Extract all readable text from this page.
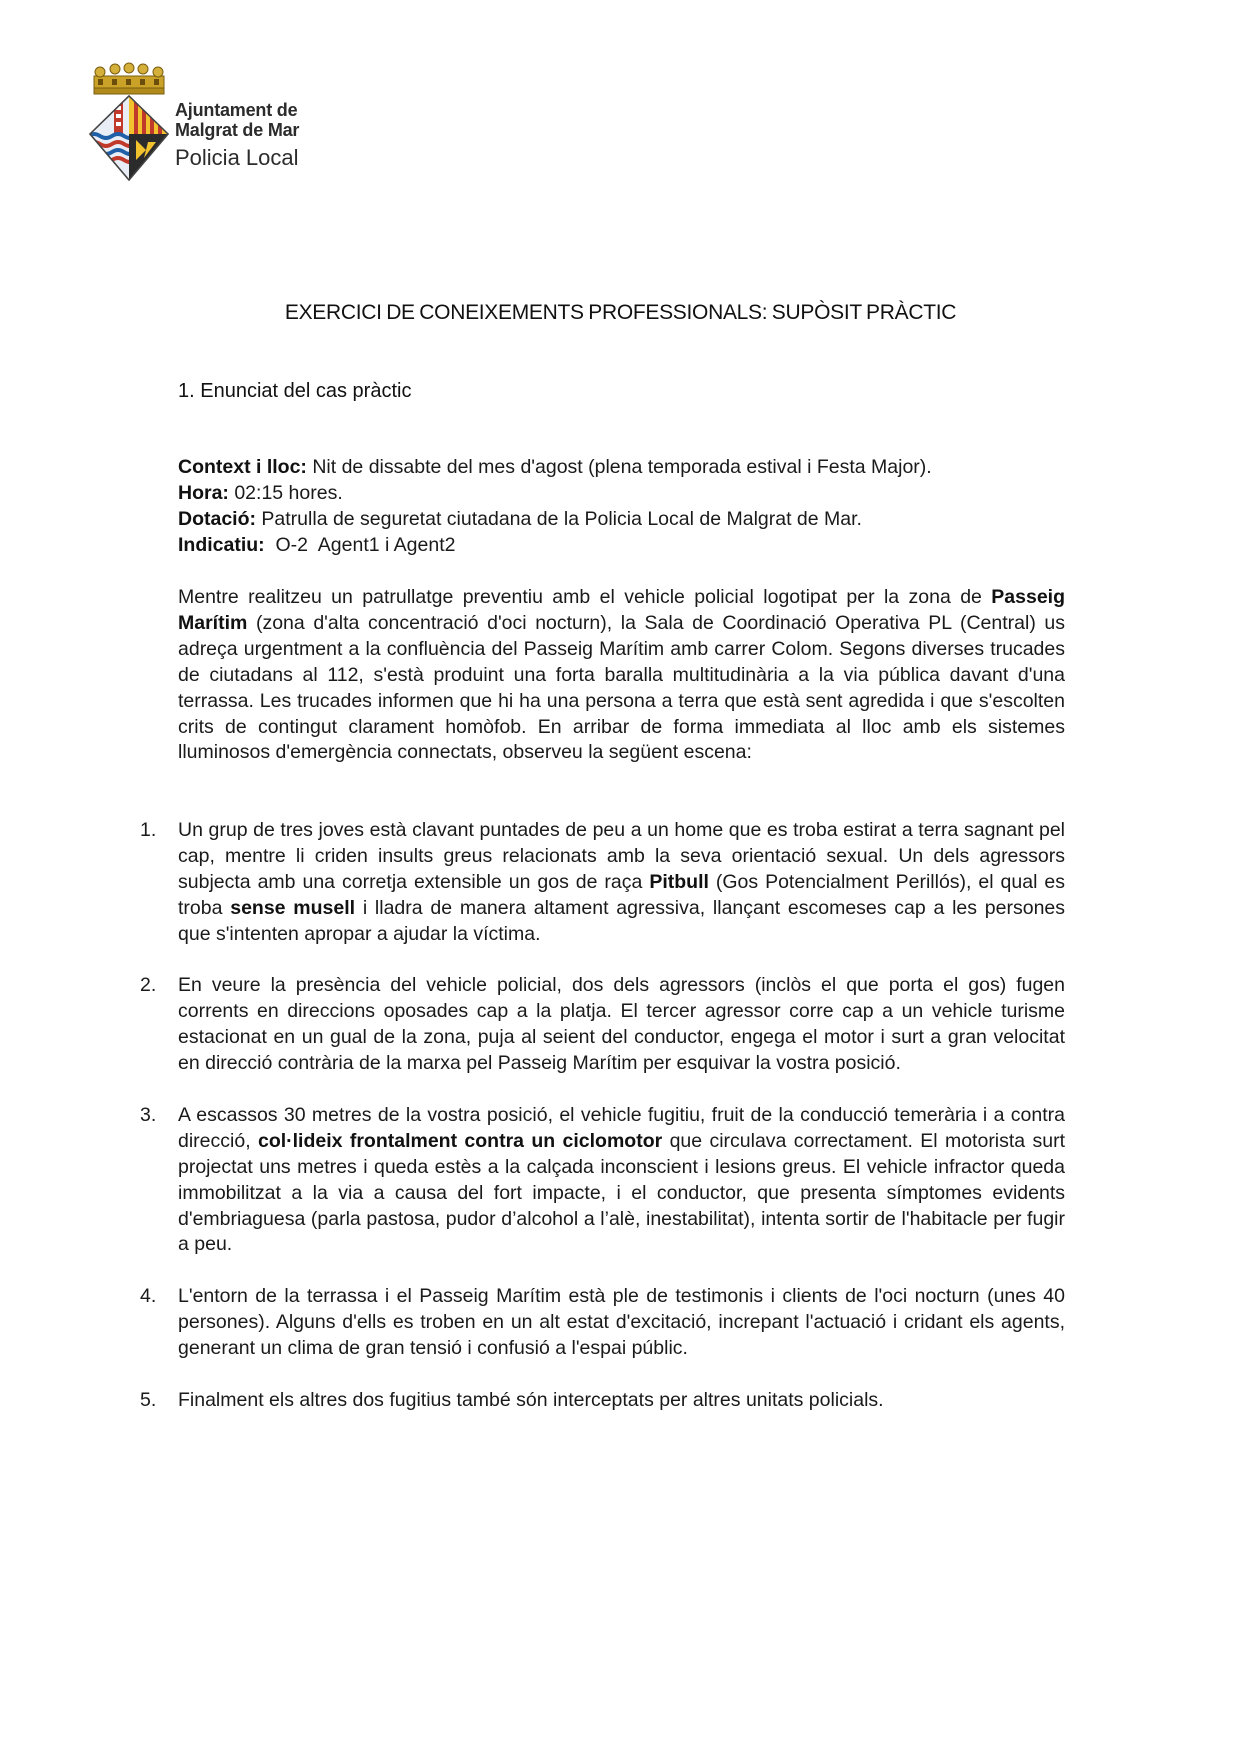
Ajuntament de
Malgrat de Mar
Policia Local
EXERCICI DE CONEIXEMENTS PROFESSIONALS: SUPÒSIT PRÀCTIC
1. Enunciat del cas pràctic
Context i lloc: Nit de dissabte del mes d'agost (plena temporada estival i Festa Major).
Hora: 02:15 hores.
Dotació: Patrulla de seguretat ciutadana de la Policia Local de Malgrat de Mar.
Indicatiu:  O-2  Agent1 i Agent2

Mentre realitzeu un patrullatge preventiu amb el vehicle policial logotipat per la zona de Passeig Marítim (zona d'alta concentració d'oci nocturn), la Sala de Coordinació Operativa PL (Central) us adreça urgentment a la confluència del Passeig Marítim amb carrer Colom. Segons diverses trucades de ciutadans al 112, s'està produint una forta baralla multitudinària a la via pública davant d'una terrassa. Les trucades informen que hi ha una persona a terra que està sent agredida i que s'escolten crits de contingut clarament homòfob. En arribar de forma immediata al lloc amb els sistemes lluminosos d'emergència connectats, observeu la següent escena:

1.	Un grup de tres joves està clavant puntades de peu a un home que es troba estirat a terra sagnant pel cap, mentre li criden insults greus relacionats amb la seva orientació sexual. Un dels agressors subjecta amb una corretja extensible un gos de raça Pitbull (Gos Potencialment Perillós), el qual es troba sense musell i lladra de manera altament agressiva, llançant escomeses cap a les persones que s'intenten apropar a ajudar la víctima.
2.	En veure la presència del vehicle policial, dos dels agressors (inclòs el que porta el gos) fugen corrents en direccions oposades cap a la platja. El tercer agressor corre cap a un vehicle turisme estacionat en un gual de la zona, puja al seient del conductor, engega el motor i surt a gran velocitat en direcció contrària de la marxa pel Passeig Marítim per esquivar la vostra posició.
3.	A escassos 30 metres de la vostra posició, el vehicle fugitiu, fruit de la conducció temerària i a contra direcció, col·lideix frontalment contra un ciclomotor que circulava correctament. El motorista surt projectat uns metres i queda estès a la calçada inconscient i lesions greus. El vehicle infractor queda immobilitzat a la via a causa del fort impacte, i el conductor, que presenta símptomes evidents d'embriaguesa (parla pastosa, pudor d’alcohol a l’alè, inestabilitat), intenta sortir de l'habitacle per fugir a peu.
4.	L'entorn de la terrassa i el Passeig Marítim està ple de testimonis i clients de l'oci nocturn (unes 40 persones). Alguns d'ells es troben en un alt estat d'excitació, increpant l'actuació i cridant els agents, generant un clima de gran tensió i confusió a l'espai públic.
5.	Finalment els altres dos fugitius també són interceptats per altres unitats policials.
